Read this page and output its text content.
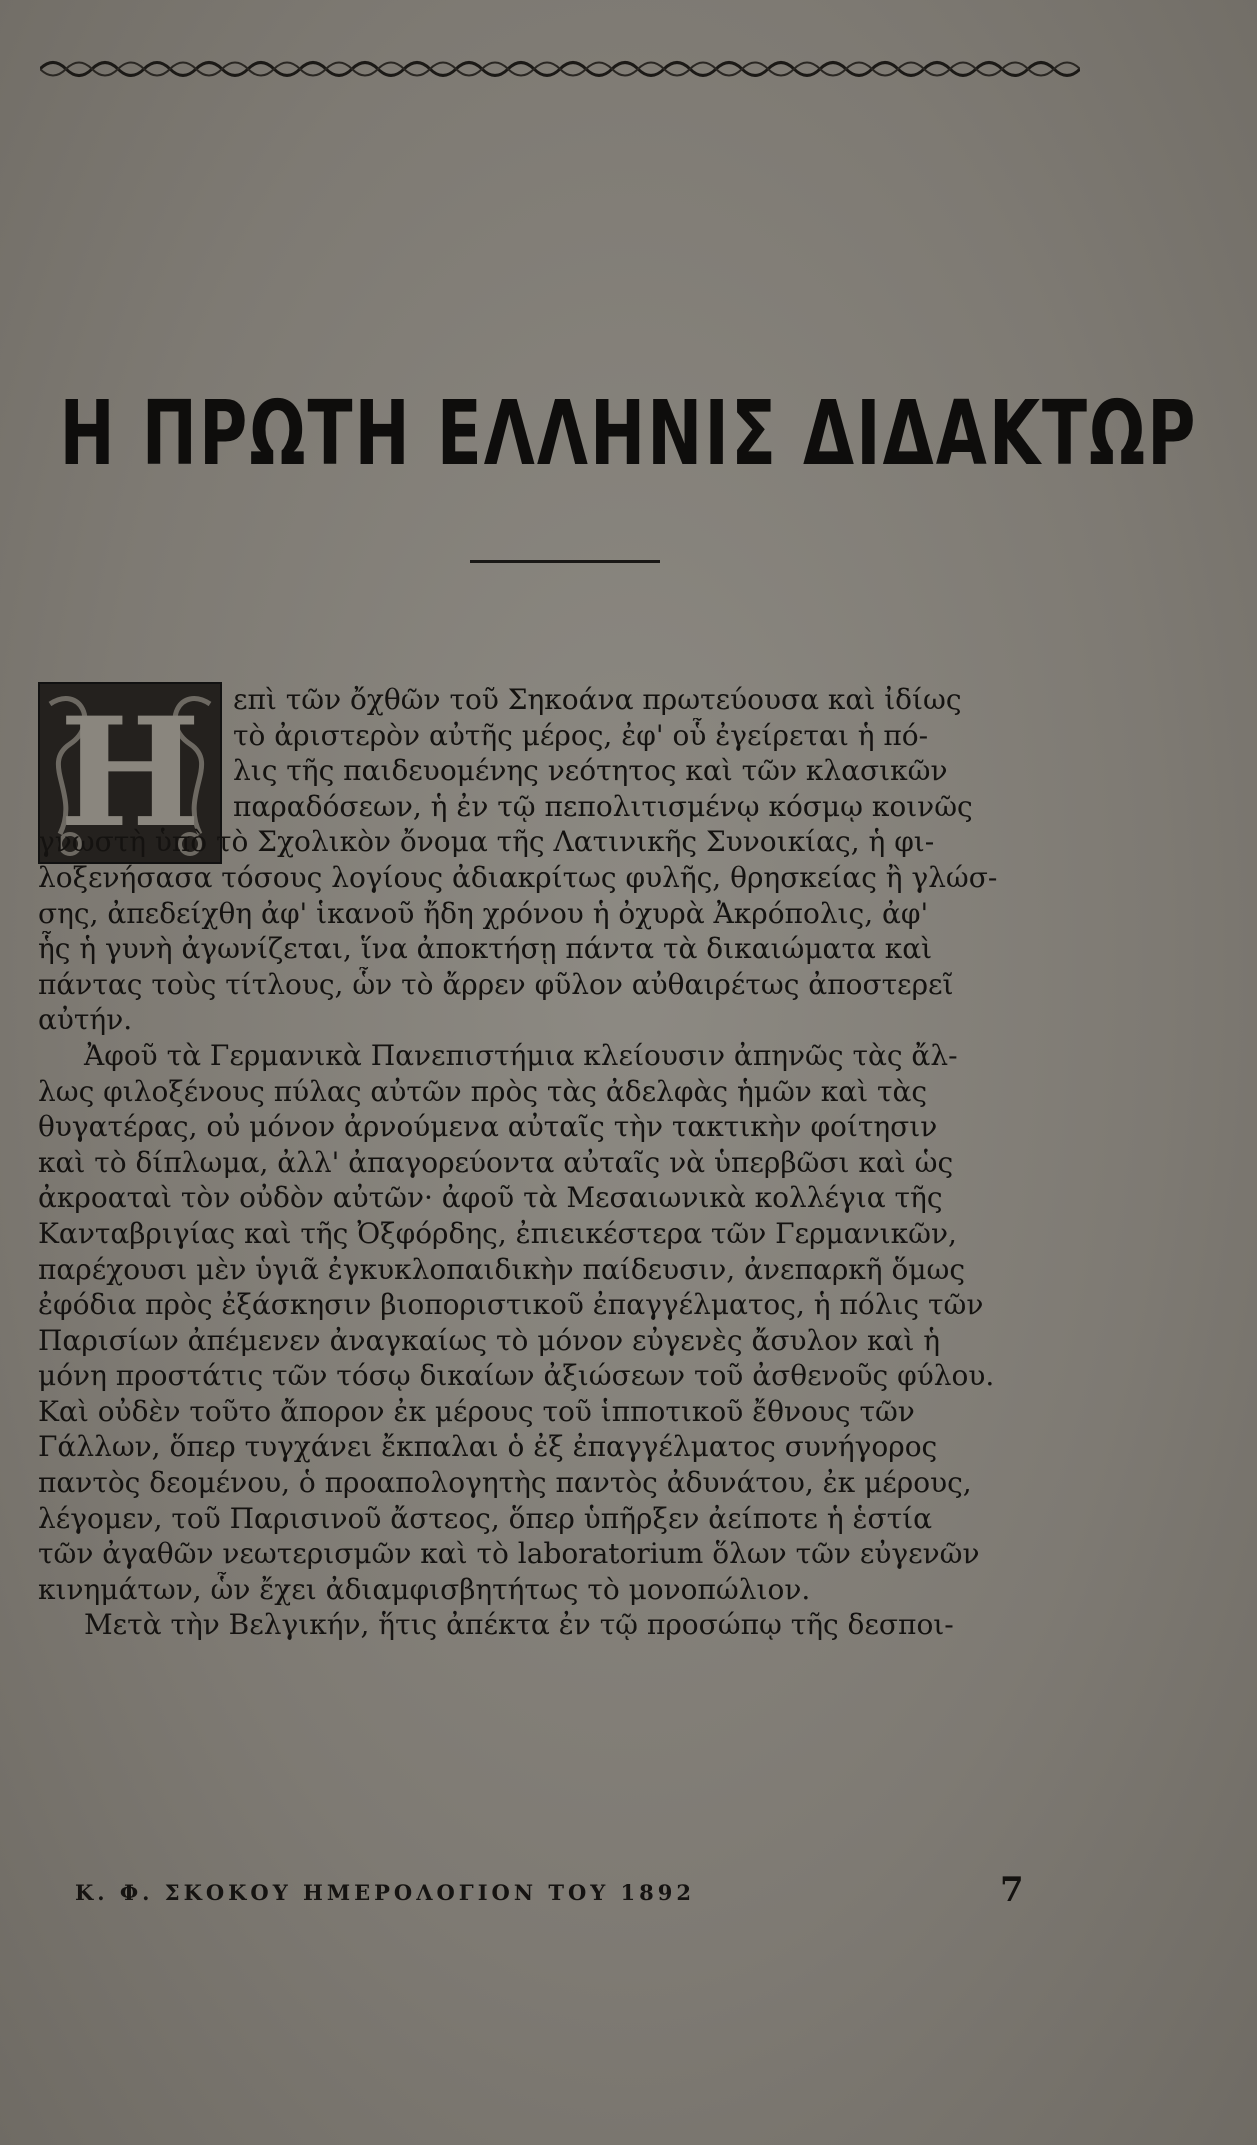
Η ΠΡΩΤΗ ΕΛΛΗΝΙΣ ΔΙΔΑΚΤΩΡ
Η	επὶ τῶν ὄχθῶν τοῦ Σηκοάνα πρωτεύουσα καὶ ἰδίως
τὸ ἀριστερὸν αὐτῆς μέρος, ἐφ' οὗ ἐγείρεται ἡ πό-
λις τῆς παιδευομένης νεότητος καὶ τῶν κλασικῶν
παραδόσεων, ἡ ἐν τῷ πεπολιτισμένῳ κόσμῳ κοινῶς
γνωστὴ ὑπὸ τὸ Σχολικὸν ὄνομα τῆς Λατινικῆς Συνοικίας, ἡ φι-
λοξενήσασα τόσους λογίους ἀδιακρίτως φυλῆς, θρησκείας ἢ γλώσ-
σης, ἀπεδείχθη ἀφ' ἱκανοῦ ἤδη χρόνου ἡ ὀχυρὰ Ἀκρόπολις, ἀφ'
ἧς ἡ γυνὴ ἀγωνίζεται, ἵνα ἀποκτήσῃ πάντα τὰ δικαιώματα καὶ
πάντας τοὺς τίτλους, ὧν τὸ ἄρρεν φῦλον αὐθαιρέτως ἀποστερεῖ
αὐτήν.
Ἀφοῦ τὰ Γερμανικὰ Πανεπιστήμια κλείουσιν ἀπηνῶς τὰς ἄλ-
λως φιλοξένους πύλας αὐτῶν πρὸς τὰς ἀδελφὰς ἡμῶν καὶ τὰς
θυγατέρας, οὐ μόνον ἀρνούμενα αὐταῖς τὴν τακτικὴν φοίτησιν
καὶ τὸ δίπλωμα, ἀλλ' ἀπαγορεύοντα αὐταῖς νὰ ὑπερβῶσι καὶ ὡς
ἀκροαταὶ τὸν οὐδὸν αὐτῶν· ἀφοῦ τὰ Μεσαιωνικὰ κολλέγια τῆς
Κανταβριγίας καὶ τῆς Ὀξφόρδης, ἐπιεικέστερα τῶν Γερμανικῶν,
παρέχουσι μὲν ὑγιᾶ ἐγκυκλοπαιδικὴν παίδευσιν, ἀνεπαρκῆ ὅμως
ἐφόδια πρὸς ἐξάσκησιν βιοποριστικοῦ ἐπαγγέλματος, ἡ πόλις τῶν
Παρισίων ἀπέμενεν ἀναγκαίως τὸ μόνον εὐγενὲς ἄσυλον καὶ ἡ
μόνη προστάτις τῶν τόσῳ δικαίων ἀξιώσεων τοῦ ἀσθενοῦς φύλου.
Καὶ οὐδὲν τοῦτο ἄπορον ἐκ μέρους τοῦ ἱπποτικοῦ ἔθνους τῶν
Γάλλων, ὅπερ τυγχάνει ἔκπαλαι ὁ ἐξ ἐπαγγέλματος συνήγορος
παντὸς δεομένου, ὁ προαπολογητὴς παντὸς ἀδυνάτου, ἐκ μέρους,
λέγομεν, τοῦ Παρισινοῦ ἄστεος, ὅπερ ὑπῆρξεν ἀείποτε ἡ ἑστία
τῶν ἀγαθῶν νεωτερισμῶν καὶ τὸ laboratorium ὅλων τῶν εὐγενῶν
κινημάτων, ὧν ἔχει ἀδιαμφισβητήτως τὸ μονοπώλιον.
Μετὰ τὴν Βελγικήν, ἥτις ἀπέκτα ἐν τῷ προσώπῳ τῆς δεσποι-
Κ. Φ. ΣΚΟΚΟΥ ΗΜΕΡΟΛΟΓΙΟΝ ΤΟΥ 1892	7
